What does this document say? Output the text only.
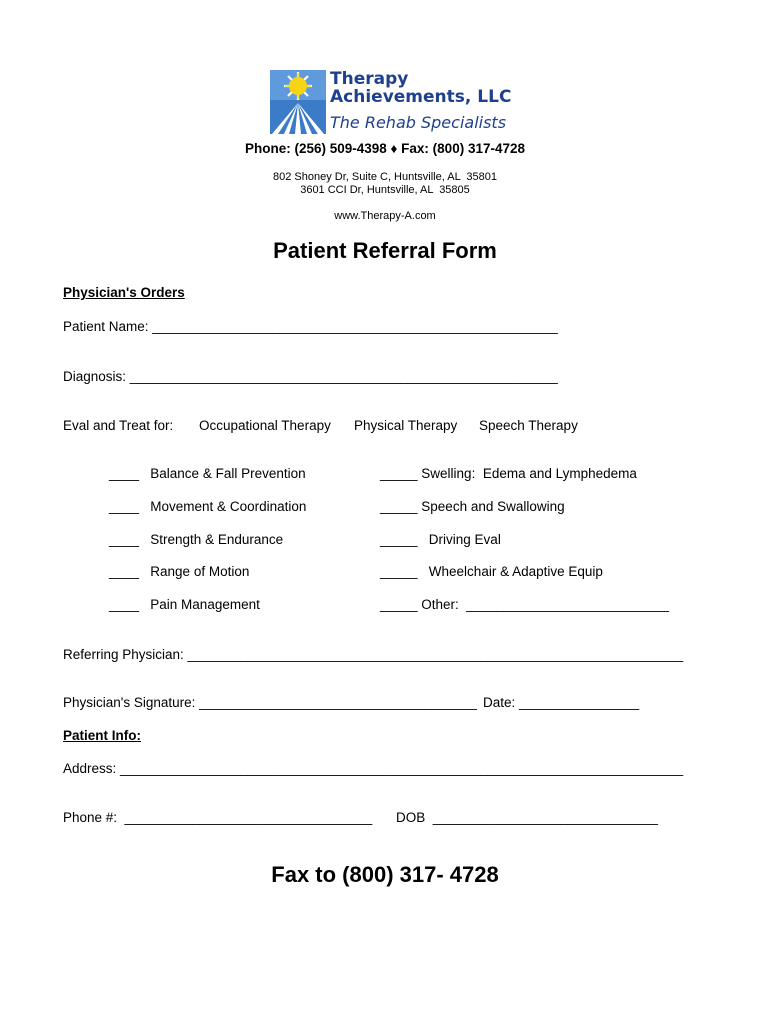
Therapy

Achievements, LLC

The Rehab Specialists

Phone: (256) 509-4398 ♦ Fax: (800) 317-4728
802 Shoney Dr, Suite C, Huntsville, AL  35801
3601 CCI Dr, Huntsville, AL  35805
www.Therapy-A.com
Patient Referral Form
Physician's Orders
Patient Name: ______________________________________________________
Diagnosis: _________________________________________________________
Eval and Treat for: Occupational Therapy Physical Therapy Speech Therapy
____   Balance & Fall Prevention
____   Movement & Coordination
____   Strength & Endurance
____   Range of Motion
____   Pain Management
_____ Swelling:  Edema and Lymphedema
_____ Speech and Swallowing
_____   Driving Eval
_____   Wheelchair & Adaptive Equip
_____ Other:  ___________________________
Referring Physician: __________________________________________________________________
Physician's Signature: _____________________________________ Date: ________________
Patient Info:
Address: ___________________________________________________________________________
Phone #:  _________________________________ DOB  ______________________________
Fax to (800) 317- 4728
